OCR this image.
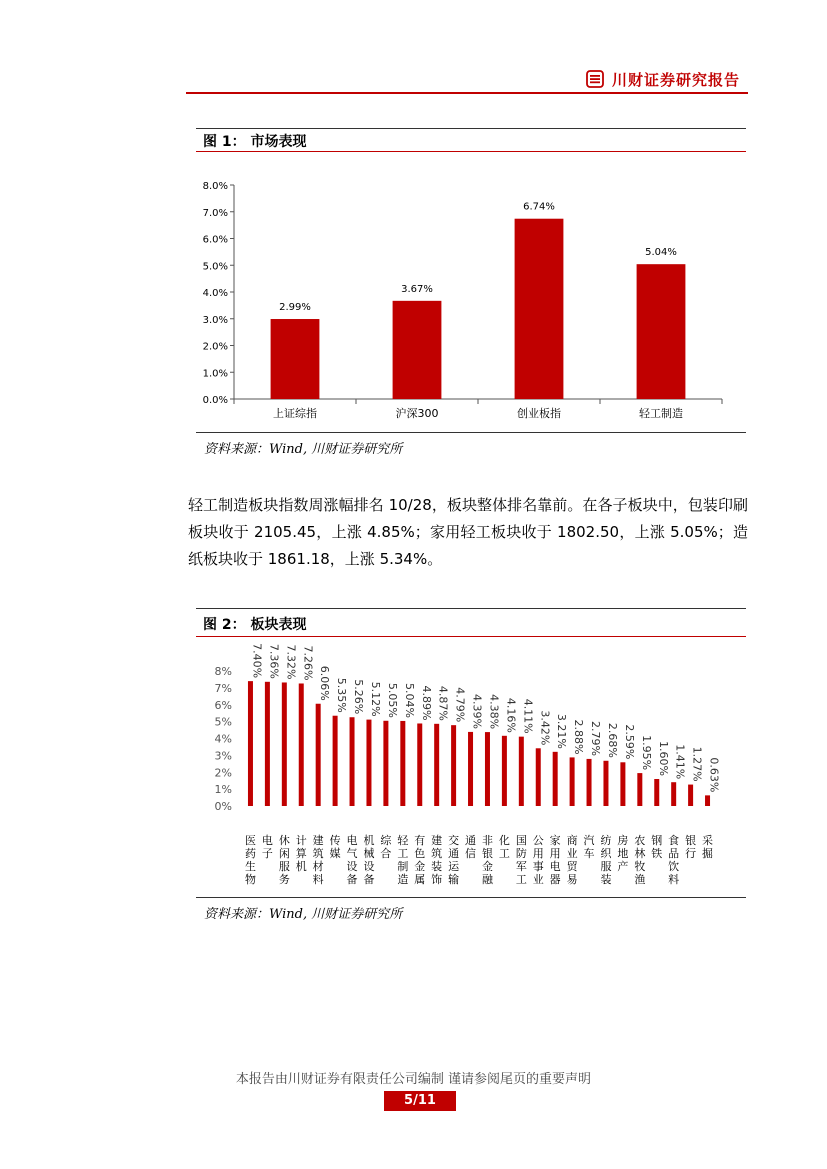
川财证券研究报告
图 1： 市场表现
0.0%
1.0%
2.0%
3.0%
4.0%
5.0%
6.0%
7.0%
8.0%
2.99%
上证综指
3.67%
沪深300
6.74%
创业板指
5.04%
轻工制造
资料来源：Wind, 川财证券研究所
轻工制造板块指数周涨幅排名 10/28，板块整体排名靠前。在各子板块中，包装印刷板块收于 2105.45，上涨 4.85%；家用轻工板块收于 1802.50，上涨 5.05%；造纸板块收于 1861.18，上涨 5.34%。
图 2： 板块表现
0%
1%
2%
3%
4%
5%
6%
7%
8% 7.40%
医药生物
7.36%
电子
7.32%
休闲服务
7.26%
计算机
6.06%
建筑材料
5.35%
传媒
5.26%
电气设备
5.12%
机械设备
5.05%
综合
5.04%
轻工制造
4.89%
有色金属
4.87%
建筑装饰
4.79%
交通运输
4.39%
通信
4.38%
非银金融
4.16%
化工
4.11%
国防军工
3.42%
公用事业
3.21%
家用电器
2.88%
商业贸易
2.79%
汽车
2.68%
纺织服装
2.59%
房地产
1.95%
农林牧渔
1.60%
钢铁
1.41%
食品饮料
1.27%
银行
0.63%
采掘
资料来源：Wind, 川财证券研究所
本报告由川财证券有限责任公司编制 谨请参阅尾页的重要声明
5/11
